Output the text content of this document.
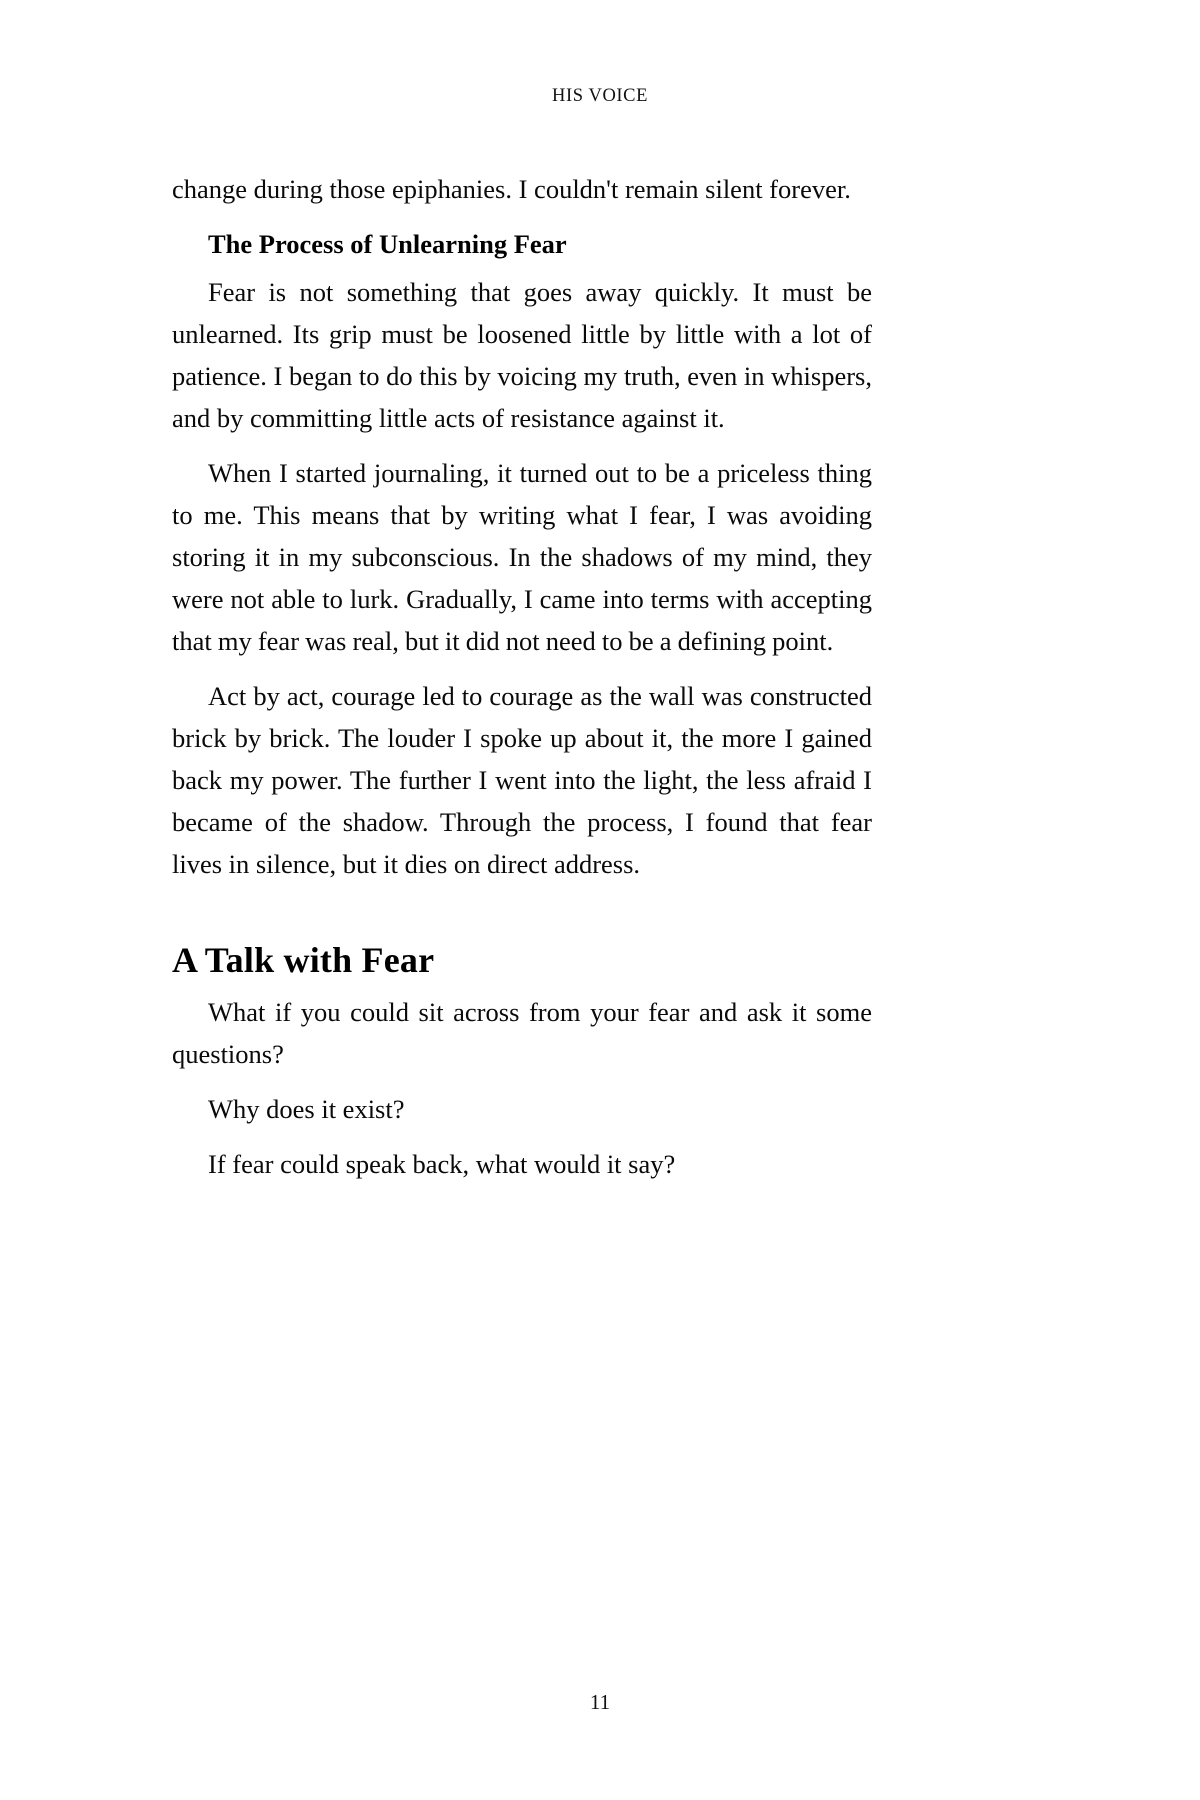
HIS VOICE

change during those epiphanies. I couldn't remain silent forever.

The Process of Unlearning Fear

Fear is not something that goes away quickly. It must be unlearned. Its grip must be loosened little by little with a lot of patience. I began to do this by voicing my truth, even in whispers, and by committing little acts of resistance against it.

When I started journaling, it turned out to be a priceless thing to me. This means that by writing what I fear, I was avoiding storing it in my subconscious. In the shadows of my mind, they were not able to lurk. Gradually, I came into terms with accepting that my fear was real, but it did not need to be a defining point.

Act by act, courage led to courage as the wall was constructed brick by brick. The louder I spoke up about it, the more I gained back my power. The further I went into the light, the less afraid I became of the shadow. Through the process, I found that fear lives in silence, but it dies on direct address.

A Talk with Fear

What if you could sit across from your fear and ask it some questions?

Why does it exist?

If fear could speak back, what would it say?

11
